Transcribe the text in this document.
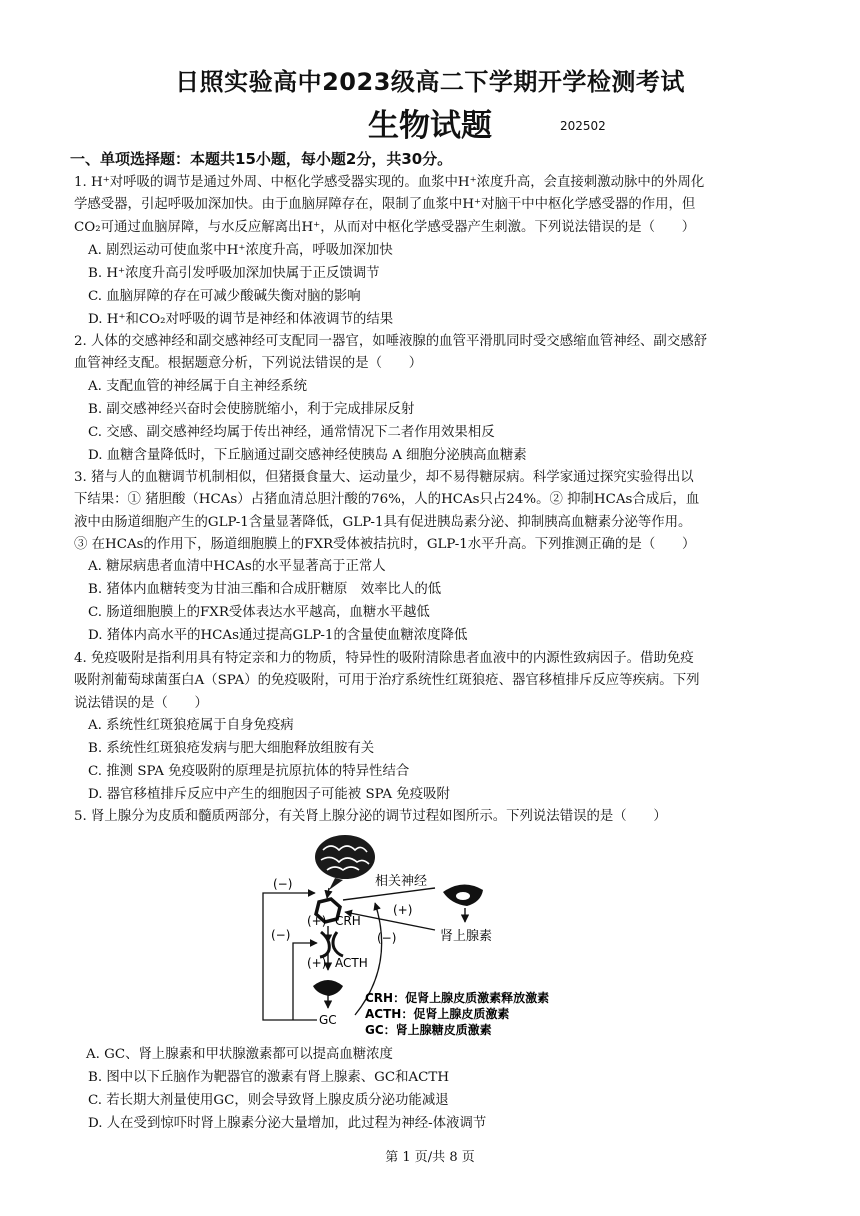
日照实验高中2023级高二下学期开学检测考试
生物试题	202502
一、单项选择题：本题共15小题，每小题2分，共30分。
1. H⁺对呼吸的调节是通过外周、中枢化学感受器实现的。血浆中H⁺浓度升高，会直接刺激动脉中的外周化
学感受器，引起呼吸加深加快。由于血脑屏障存在，限制了血浆中H⁺对脑干中中枢化学感受器的作用，但
CO₂可通过血脑屏障，与水反应解离出H⁺，从而对中枢化学感受器产生刺激。下列说法错误的是（　　）
A. 剧烈运动可使血浆中H⁺浓度升高，呼吸加深加快
B. H⁺浓度升高引发呼吸加深加快属于正反馈调节
C. 血脑屏障的存在可减少酸碱失衡对脑的影响
D. H⁺和CO₂对呼吸的调节是神经和体液调节的结果
2. 人体的交感神经和副交感神经可支配同一器官，如唾液腺的血管平滑肌同时受交感缩血管神经、副交感舒
血管神经支配。根据题意分析，下列说法错误的是（　　）
A. 支配血管的神经属于自主神经系统
B. 副交感神经兴奋时会使膀胱缩小，利于完成排尿反射
C. 交感、副交感神经均属于传出神经，通常情况下二者作用效果相反
D. 血糖含量降低时，下丘脑通过副交感神经使胰岛 A 细胞分泌胰高血糖素
3. 猪与人的血糖调节机制相似，但猪摄食量大、运动量少，却不易得糖尿病。科学家通过探究实验得出以
下结果：① 猪胆酸（HCAs）占猪血清总胆汁酸的76%，人的HCAs只占24%。② 抑制HCAs合成后，血
液中由肠道细胞产生的GLP-1含量显著降低，GLP-1具有促进胰岛素分泌、抑制胰高血糖素分泌等作用。
③ 在HCAs的作用下，肠道细胞膜上的FXR受体被拮抗时，GLP-1水平升高。下列推测正确的是（　　）
A. 糖尿病患者血清中HCAs的水平显著高于正常人
B. 猪体内血糖转变为甘油三酯和合成肝糖原　效率比人的低
C. 肠道细胞膜上的FXR受体表达水平越高，血糖水平越低
D. 猪体内高水平的HCAs通过提高GLP-1的含量使血糖浓度降低
4. 免疫吸附是指利用具有特定亲和力的物质，特异性的吸附清除患者血液中的内源性致病因子。借助免疫
吸附剂葡萄球菌蛋白A（SPA）的免疫吸附，可用于治疗系统性红斑狼疮、器官移植排斥反应等疾病。下列
说法错误的是（　　）
A. 系统性红斑狼疮属于自身免疫病
B. 系统性红斑狼疮发病与肥大细胞释放组胺有关
C. 推测 SPA 免疫吸附的原理是抗原抗体的特异性结合
D. 器官移植排斥反应中产生的细胞因子可能被 SPA 免疫吸附
5. 肾上腺分为皮质和髓质两部分，有关肾上腺分泌的调节过程如图所示。下列说法错误的是（　　）
(+) CRH
(+) ACTH
GC
(−)
(−)
相关神经
(+)
肾上腺素
(−)
CRH：促肾上腺皮质激素释放激素
ACTH：促肾上腺皮质激素
GC：肾上腺糖皮质激素
A. GC、肾上腺素和甲状腺激素都可以提高血糖浓度
B. 图中以下丘脑作为靶器官的激素有肾上腺素、GC和ACTH
C. 若长期大剂量使用GC，则会导致肾上腺皮质分泌功能减退
D. 人在受到惊吓时肾上腺素分泌大量增加，此过程为神经-体液调节
第 1 页/共 8 页
